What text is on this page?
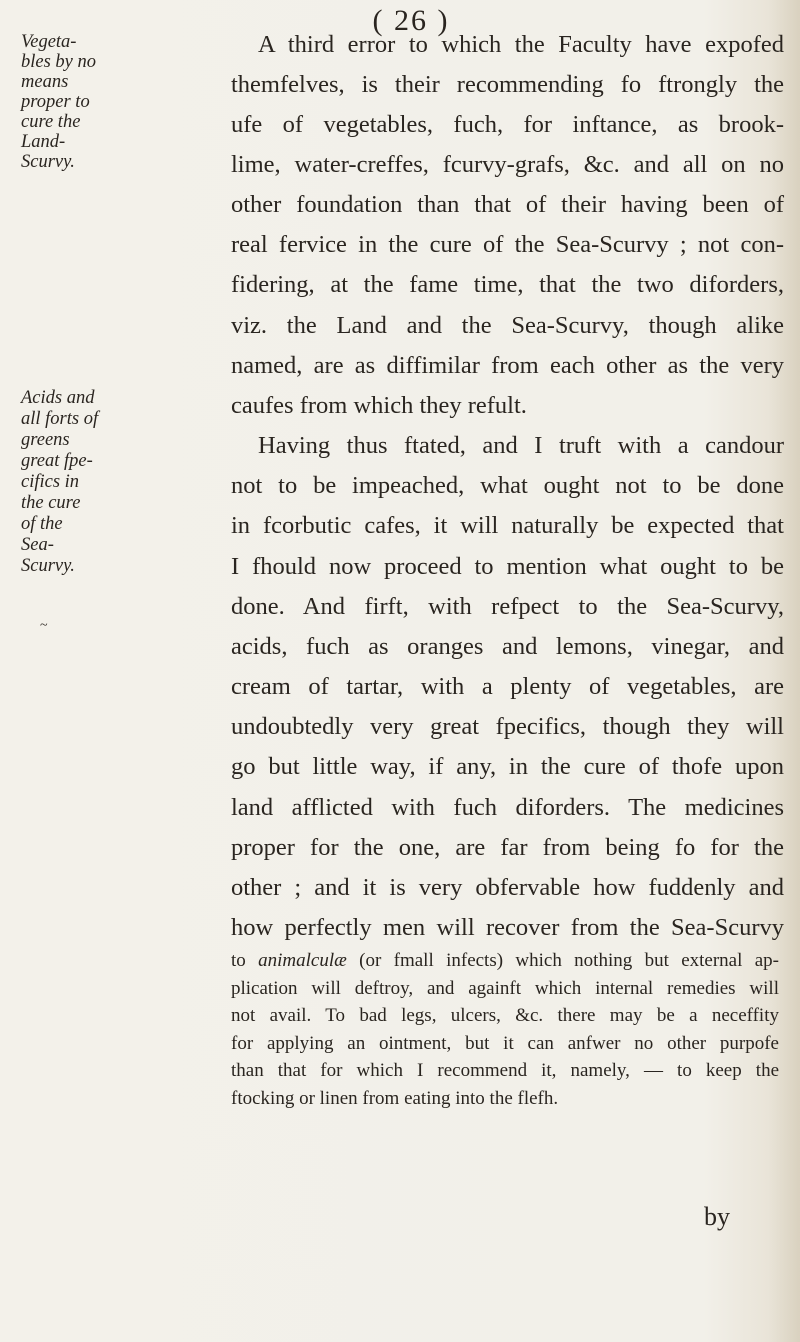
( 26 )
Vegeta-
bles by no
means
proper to
cure the
Land-
Scurvy.
Acids and
all forts of
greens
great fpe-
cifics in
the cure
of the Sea-
Scurvy.
~
A third error to which the Faculty have expofed
themfelves, is their recommending fo ftrongly the
ufe of vegetables, fuch, for inftance, as brook-
lime, water-creffes, fcurvy-grafs, &c. and all on no
other foundation than that of their having been of
real fervice in the cure of the Sea-Scurvy ; not con-
fidering, at the fame time, that the two diforders,
viz. the Land and the Sea-Scurvy, though alike
named, are as diffimilar from each other as the very
caufes from which they refult.
Having thus ftated, and I truft with a candour
not to be impeached, what ought not to be done
in fcorbutic cafes, it will naturally be expected that
I fhould now proceed to mention what ought to be
done. And firft, with refpect to the Sea-Scurvy,
acids, fuch as oranges and lemons, vinegar, and
cream of tartar, with a plenty of vegetables, are
undoubtedly very great fpecifics, though they will
go but little way, if any, in the cure of thofe upon
land afflicted with fuch diforders. The medicines
proper for the one, are far from being fo for the
other ; and it is very obfervable how fuddenly and
how perfectly men will recover from the Sea-Scurvy
to animalculæ (or fmall infects) which nothing but external ap-
plication will deftroy, and againft which internal remedies will
not avail. To bad legs, ulcers, &c. there may be a neceffity
for applying an ointment, but it can anfwer no other purpofe
than that for which I recommend it, namely, — to keep the
ftocking or linen from eating into the flefh.
by
